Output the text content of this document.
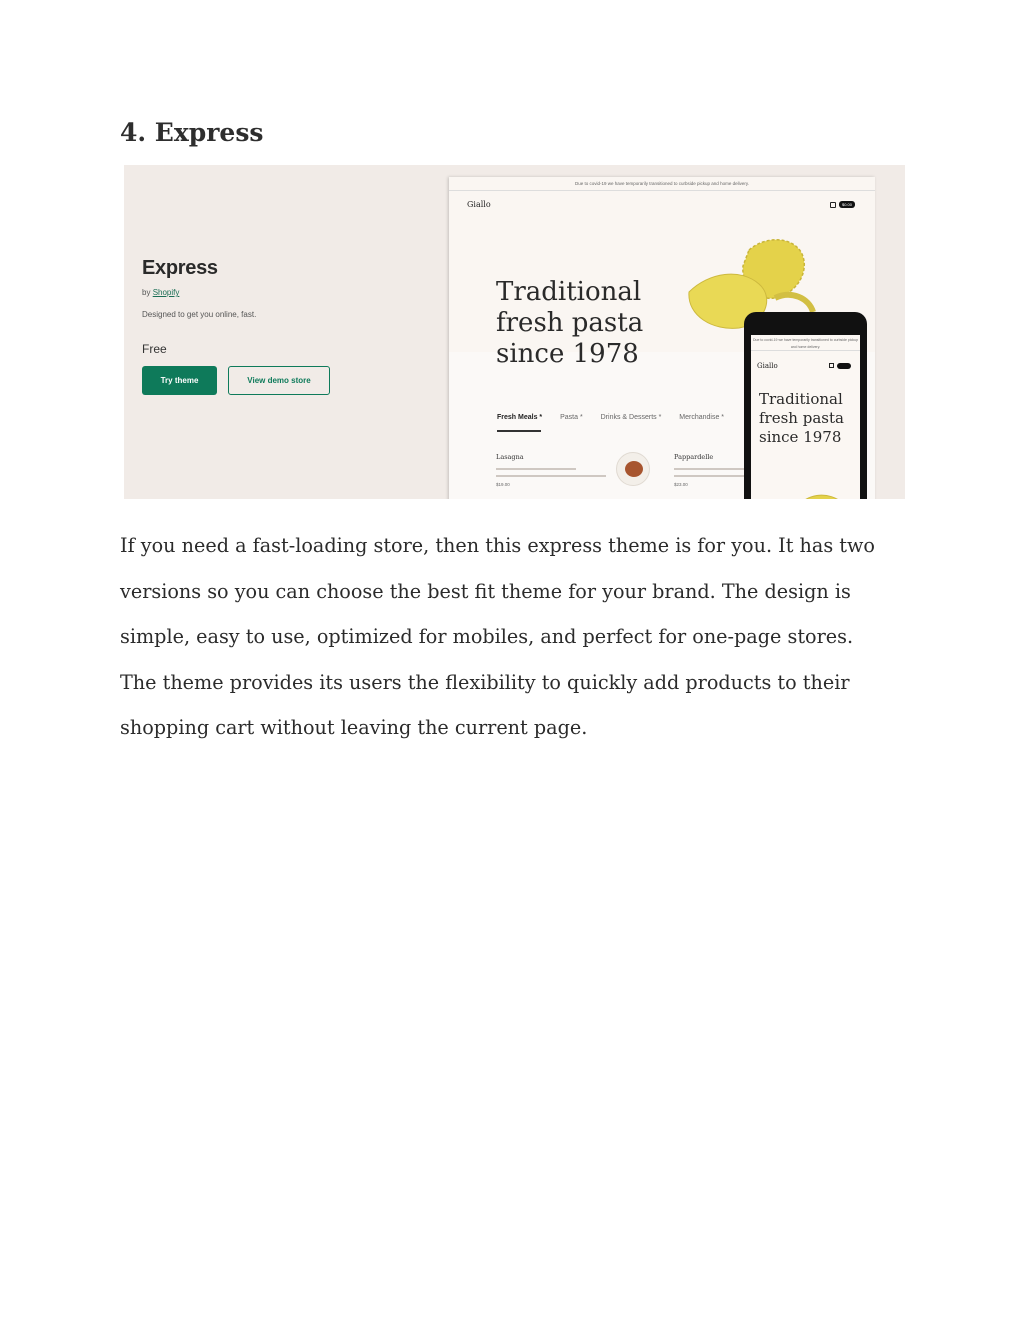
4. Express
Express
by Shopify
Designed to get you online, fast.
Free
Try theme	View demo store
Due to covid-19 we have temporarily transitioned to curbside pickup and home delivery.
Giallo	$0.00
Traditional
fresh pasta
since 1978
Fresh Meals *	Pasta *	Drinks & Desserts *	Merchandise *
Lasagna
$19.00
Pappardelle
$23.00
Due to covid-19 we have temporarily transitioned to curbside pickup and home delivery.
Giallo
Traditional
fresh pasta
since 1978
If you need a fast-loading store, then this express theme is for you. It has two
versions so you can choose the best fit theme for your brand. The design is
simple, easy to use, optimized for mobiles, and perfect for one-page stores.
The theme provides its users the flexibility to quickly add products to their
shopping cart without leaving the current page.
